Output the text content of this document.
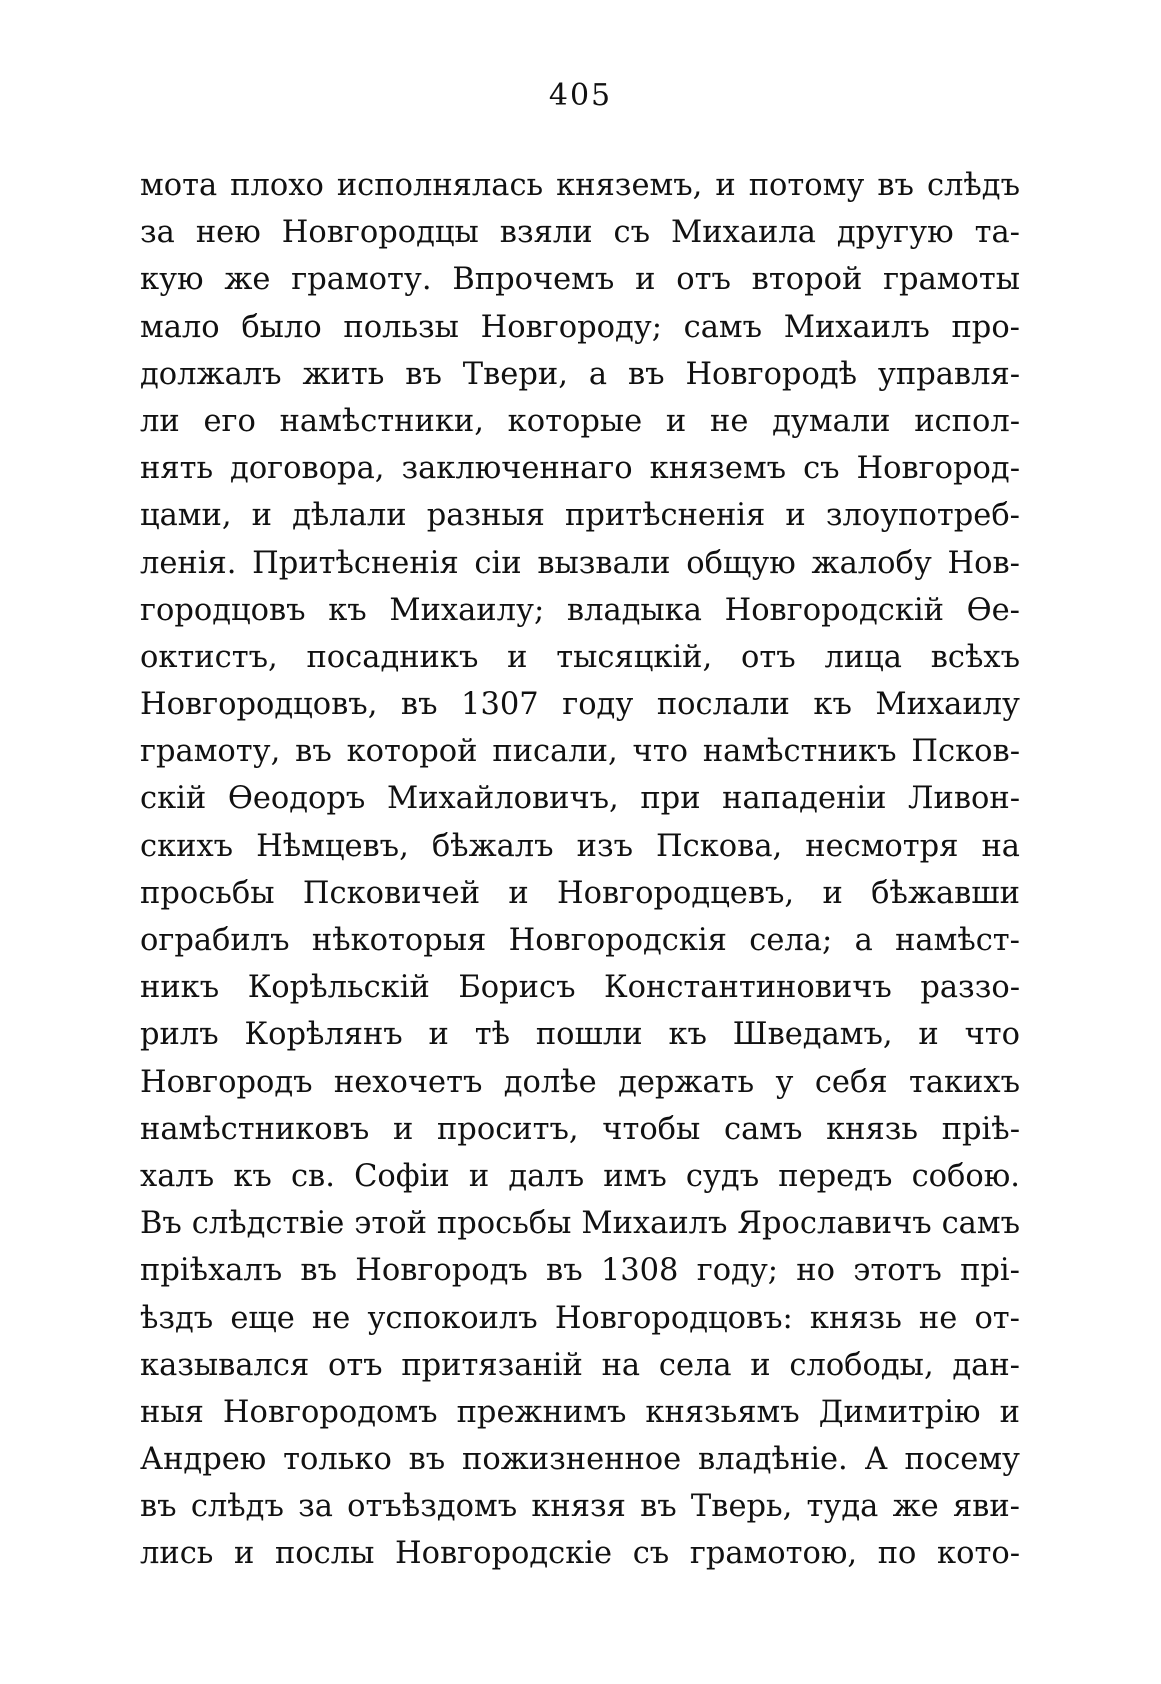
405
мота плохо исполнялась княземъ, и потому въ слѣдъ
за нею Новгородцы взяли съ Михаила другую та-
кую же грамоту. Впрочемъ и отъ второй грамоты
мало было пользы Новгороду; самъ Михаилъ про-
должалъ жить въ Твери, а въ Новгородѣ управля-
ли его намѣстники, которые и не думали испол-
нять договора, заключеннаго княземъ съ Новгород-
цами, и дѣлали разныя притѣсненія и злоупотреб-
ленія. Притѣсненія сіи вызвали общую жалобу Нов-
городцовъ къ Михаилу; владыка Новгородскій Ѳе-
октистъ, посадникъ и тысяцкій, отъ лица всѣхъ
Новгородцовъ, въ 1307 году послали къ Михаилу
грамоту, въ которой писали, что намѣстникъ Псков-
скій Ѳеодоръ Михайловичъ, при нападеніи Ливон-
скихъ Нѣмцевъ, бѣжалъ изъ Пскова, несмотря на
просьбы Псковичей и Новгородцевъ, и бѣжавши
ограбилъ нѣкоторыя Новгородскія села; а намѣст-
никъ Корѣльскій Борисъ Константиновичъ раззо-
рилъ Корѣлянъ и тѣ пошли къ Шведамъ, и что
Новгородъ нехочетъ долѣе держать у себя такихъ
намѣстниковъ и проситъ, чтобы самъ князь пріѣ-
халъ къ св. Софіи и далъ имъ судъ передъ собою.
Въ слѣдствіе этой просьбы Михаилъ Ярославичъ самъ
пріѣхалъ въ Новгородъ въ 1308 году; но этотъ прі-
ѣздъ еще не успокоилъ Новгородцовъ: князь не от-
казывался отъ притязаній на села и слободы, дан-
ныя Новгородомъ прежнимъ князьямъ Димитрію и
Андрею только въ пожизненное владѣніе. А посему
въ слѣдъ за отъѣздомъ князя въ Тверь, туда же яви-
лись и послы Новгородскіе съ грамотою, по кото-
